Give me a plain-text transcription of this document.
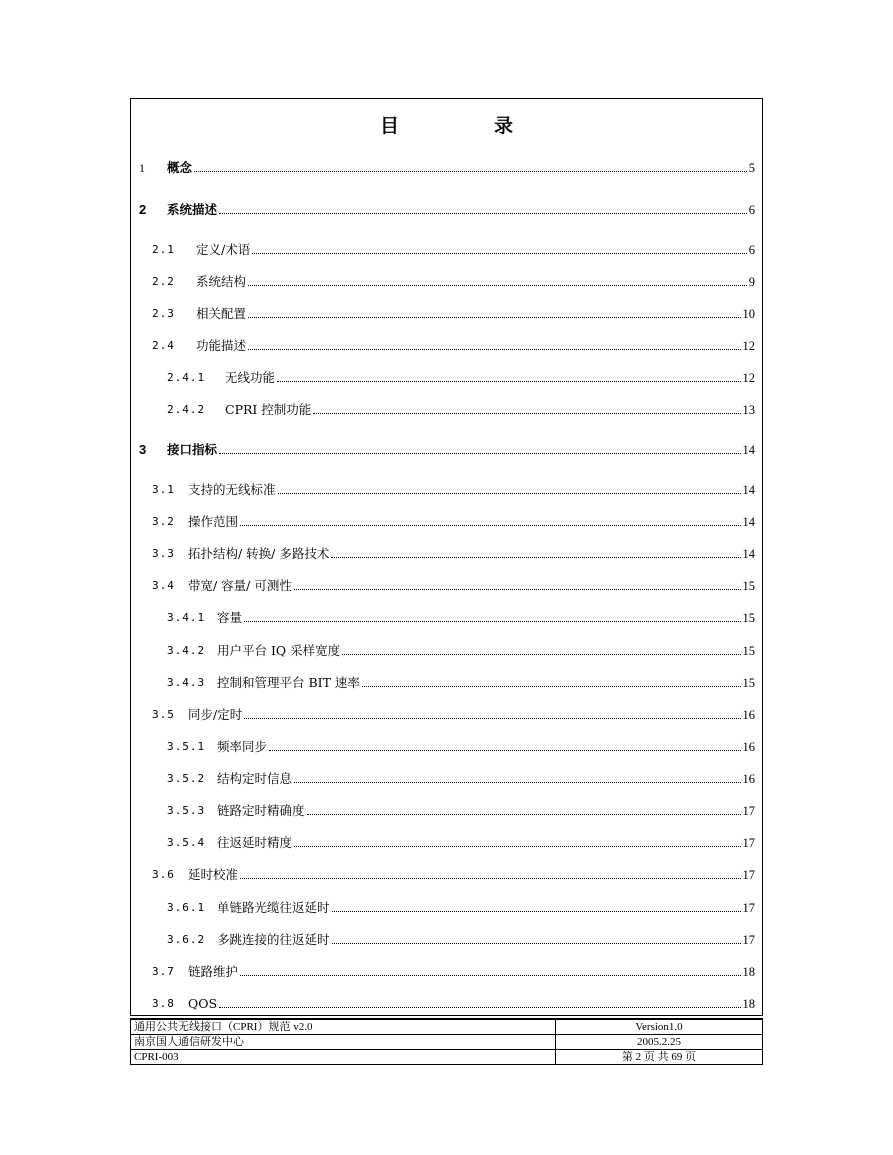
目　录
1	概念	5
2	系统描述	6
2.1	定义/术语	6
2.2	系统结构	9
2.3	相关配置	10
2.4	功能描述	12
2.4.1	无线功能	12
2.4.2	CPRI 控制功能	13
3	接口指标	14
3.1	支持的无线标准	14
3.2	操作范围	14
3.3	拓扑结构/ 转换/ 多路技术	14
3.4	带宽/ 容量/ 可测性	15
3.4.1 容量	15
3.4.2 用户平台 IQ 采样宽度	15
3.4.3 控制和管理平台 BIT 速率	15
3.5	同步/定时	16
3.5.1 频率同步	16
3.5.2 结构定时信息	16
3.5.3 链路定时精确度	17
3.5.4 往返延时精度	17
3.6	延时校准	17
3.6.1 单链路光缆往返延时	17
3.6.2 多跳连接的往返延时	17
3.7	链路维护	18
3.8	QOS	18
通用公共无线接口（CPRI）规范 v2.0	Version1.0
南京国人通信研发中心	2005.2.25
CPRI-003	第 2 页 共 69 页
